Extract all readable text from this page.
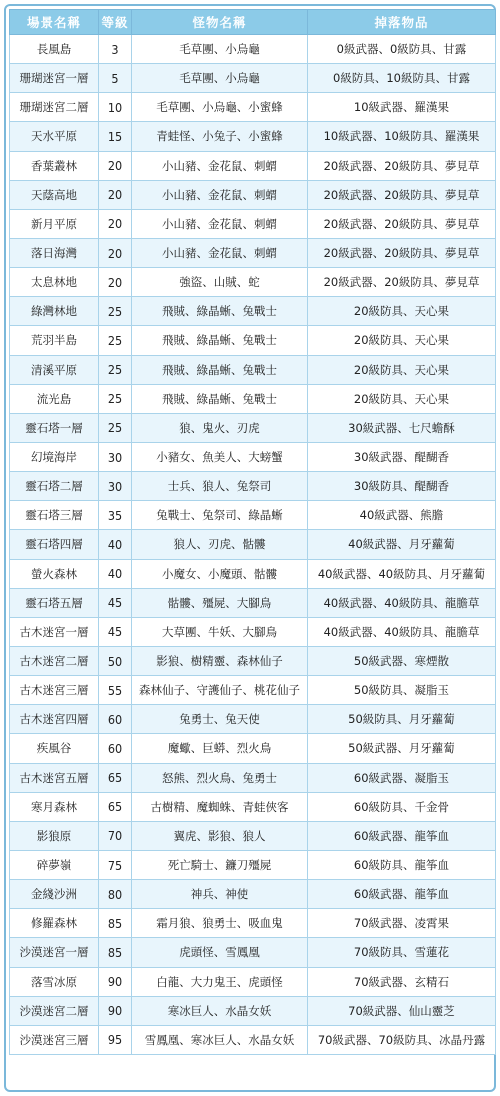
場景名稱	等級	怪物名稱	掉落物品
長風島	3	毛草團、小烏龜	0級武器、0級防具、甘露
珊瑚迷宮一層	5	毛草團、小烏龜	0級防具、10級防具、甘露
珊瑚迷宮二層	10	毛草團、小烏龜、小蜜蜂	10級武器、羅漢果
天水平原	15	青蛙怪、小兔子、小蜜蜂	10級武器、10級防具、羅漢果
香葉叢林	20	小山豬、金花鼠、刺蝟	20級武器、20級防具、夢見草
天蔭高地	20	小山豬、金花鼠、刺蝟	20級武器、20級防具、夢見草
新月平原	20	小山豬、金花鼠、刺蝟	20級武器、20級防具、夢見草
落日海灣	20	小山豬、金花鼠、刺蝟	20級武器、20級防具、夢見草
太息林地	20	強盜、山賊、蛇	20級武器、20級防具、夢見草
綠灣林地	25	飛賊、綠晶蜥、兔戰士	20級防具、天心果
荒羽半島	25	飛賊、綠晶蜥、兔戰士	20級防具、天心果
清溪平原	25	飛賊、綠晶蜥、兔戰士	20級防具、天心果
流光島	25	飛賊、綠晶蜥、兔戰士	20級防具、天心果
靈石塔一層	25	狼、鬼火、刃虎	30級武器、七尺蟾酥
幻境海岸	30	小豬女、魚美人、大螃蟹	30級武器、醍醐香
靈石塔二層	30	士兵、狼人、兔祭司	30級防具、醍醐香
靈石塔三層	35	兔戰士、兔祭司、綠晶蜥	40級武器、熊膽
靈石塔四層	40	狼人、刃虎、骷髏	40級武器、月牙蘿蔔
螢火森林	40	小魔女、小魔頭、骷髏	40級武器、40級防具、月牙蘿蔔
靈石塔五層	45	骷髏、殭屍、大腳鳥	40級武器、40級防具、龍膽草
古木迷宮一層	45	大草團、牛妖、大腳鳥	40級武器、40級防具、龍膽草
古木迷宮二層	50	影狼、樹精靈、森林仙子	50級武器、寒煙散
古木迷宮三層	55	森林仙子、守護仙子、桃花仙子	50級防具、凝脂玉
古木迷宮四層	60	兔勇士、兔天使	50級防具、月牙蘿蔔
疾風谷	60	魔蠍、巨蟒、烈火鳥	50級武器、月牙蘿蔔
古木迷宮五層	65	怒熊、烈火鳥、兔勇士	60級武器、凝脂玉
寒月森林	65	古樹精、魔蜘蛛、青蛙俠客	60級防具、千金骨
影狼原	70	翼虎、影狼、狼人	60級武器、龍筝血
碎夢嶺	75	死亡騎士、鐮刀殭屍	60級防具、龍筝血
金綫沙洲	80	神兵、神使	60級武器、龍筝血
修羅森林	85	霜月狼、狼勇士、吸血鬼	70級武器、凌霄果
沙漠迷宮一層	85	虎頭怪、雪鳳凰	70級防具、雪蓮花
落雪冰原	90	白龍、大力鬼王、虎頭怪	70級武器、玄精石
沙漠迷宮二層	90	寒冰巨人、水晶女妖	70級武器、仙山靈芝
沙漠迷宮三層	95	雪鳳凰、寒冰巨人、水晶女妖	70級武器、70級防具、冰晶丹露
